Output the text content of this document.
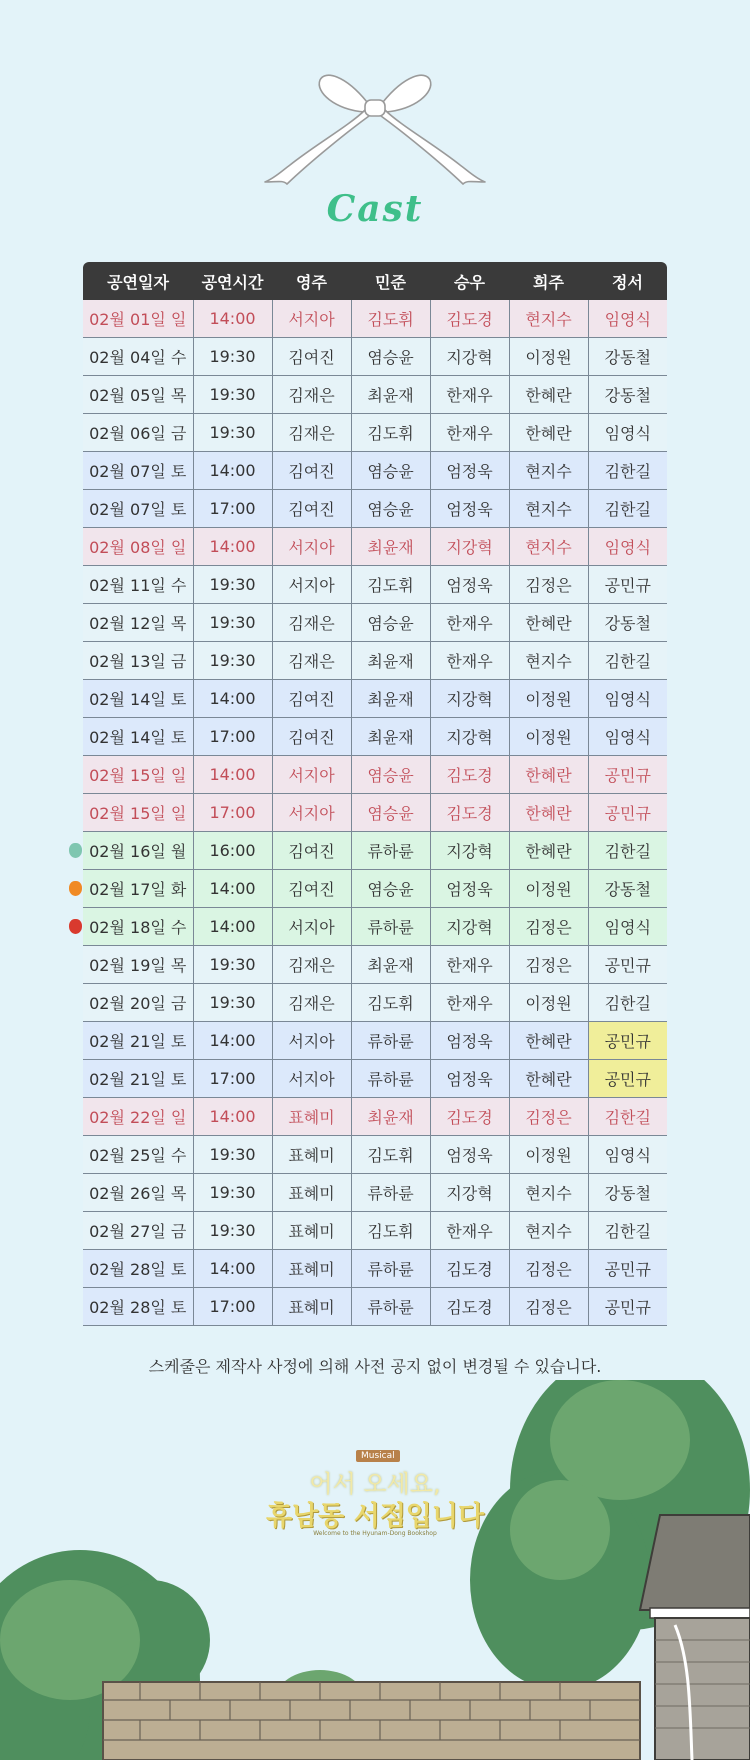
Cast
공연일자	공연시간	영주	민준	승우	희주	정서
02월 01일 일	14:00	서지아	김도휘	김도경	현지수	임영식
02월 04일 수	19:30	김여진	염승윤	지강혁	이정원	강동철
02월 05일 목	19:30	김재은	최윤재	한재우	한혜란	강동철
02월 06일 금	19:30	김재은	김도휘	한재우	한혜란	임영식
02월 07일 토	14:00	김여진	염승윤	엄정욱	현지수	김한길
02월 07일 토	17:00	김여진	염승윤	엄정욱	현지수	김한길
02월 08일 일	14:00	서지아	최윤재	지강혁	현지수	임영식
02월 11일 수	19:30	서지아	김도휘	엄정욱	김정은	공민규
02월 12일 목	19:30	김재은	염승윤	한재우	한혜란	강동철
02월 13일 금	19:30	김재은	최윤재	한재우	현지수	김한길
02월 14일 토	14:00	김여진	최윤재	지강혁	이정원	임영식
02월 14일 토	17:00	김여진	최윤재	지강혁	이정원	임영식
02월 15일 일	14:00	서지아	염승윤	김도경	한혜란	공민규
02월 15일 일	17:00	서지아	염승윤	김도경	한혜란	공민규
02월 16일 월	16:00	김여진	류하륜	지강혁	한혜란	김한길
02월 17일 화	14:00	김여진	염승윤	엄정욱	이정원	강동철
02월 18일 수	14:00	서지아	류하륜	지강혁	김정은	임영식
02월 19일 목	19:30	김재은	최윤재	한재우	김정은	공민규
02월 20일 금	19:30	김재은	김도휘	한재우	이정원	김한길
02월 21일 토	14:00	서지아	류하륜	엄정욱	한혜란	공민규
02월 21일 토	17:00	서지아	류하륜	엄정욱	한혜란	공민규
02월 22일 일	14:00	표혜미	최윤재	김도경	김정은	김한길
02월 25일 수	19:30	표혜미	김도휘	엄정욱	이정원	임영식
02월 26일 목	19:30	표혜미	류하륜	지강혁	현지수	강동철
02월 27일 금	19:30	표혜미	김도휘	한재우	현지수	김한길
02월 28일 토	14:00	표혜미	류하륜	김도경	김정은	공민규
02월 28일 토	17:00	표혜미	류하륜	김도경	김정은	공민규
스케줄은 제작사 사정에 의해 사전 공지 없이 변경될 수 있습니다.
Musical
어서 오세요,
휴남동 서점입니다
Welcome to the Hyunam-Dong Bookshop
